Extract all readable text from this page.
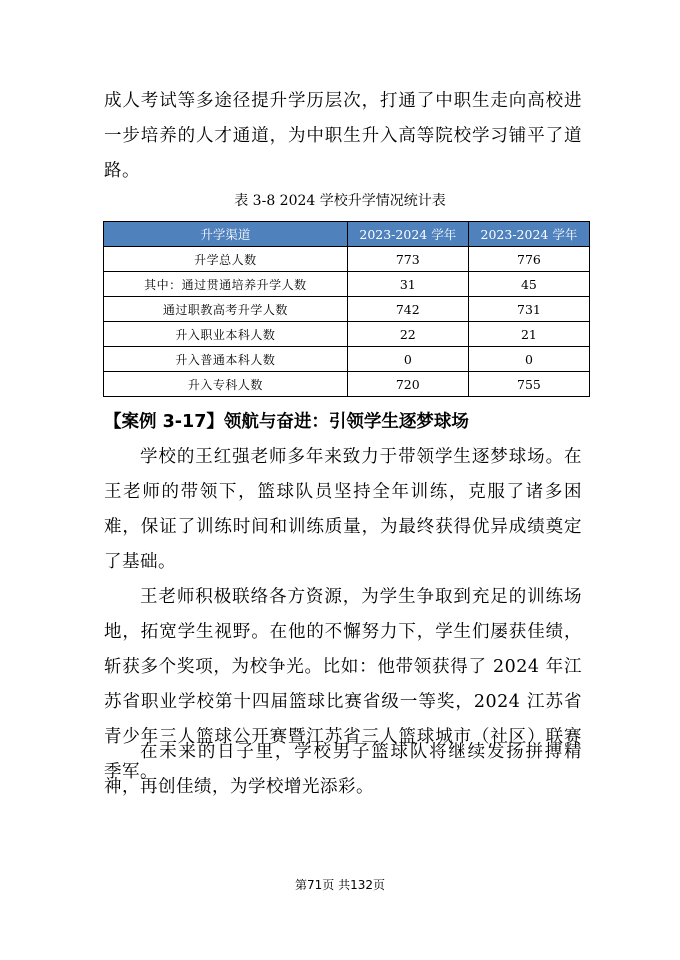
成人考试等多途径提升学历层次，打通了中职生走向高校进一步培养的人才通道，为中职生升入高等院校学习铺平了道路。

表 3-8 2024 学校升学情况统计表
升学渠道	2023-2024 学年	2023-2024 学年
升学总人数	773	776
其中：通过贯通培养升学人数	31	45
通过职教高考升学人数	742	731
升入职业本科人数	22	21
升入普通本科人数	0	0
升入专科人数	720	755
【案例 3-17】领航与奋进：引领学生逐梦球场

学校的王红强老师多年来致力于带领学生逐梦球场。在王老师的带领下，篮球队员坚持全年训练，克服了诸多困难，保证了训练时间和训练质量，为最终获得优异成绩奠定了基础。

王老师积极联络各方资源，为学生争取到充足的训练场地，拓宽学生视野。在他的不懈努力下，学生们屡获佳绩，斩获多个奖项，为校争光。比如：他带领获得了 2024 年江苏省职业学校第十四届篮球比赛省级一等奖，2024 江苏省青少年三人篮球公开赛暨江苏省三人篮球城市（社区）联赛季军。

在未来的日子里，学校男子篮球队将继续发扬拼搏精神，再创佳绩，为学校增光添彩。

第71页 共132页
